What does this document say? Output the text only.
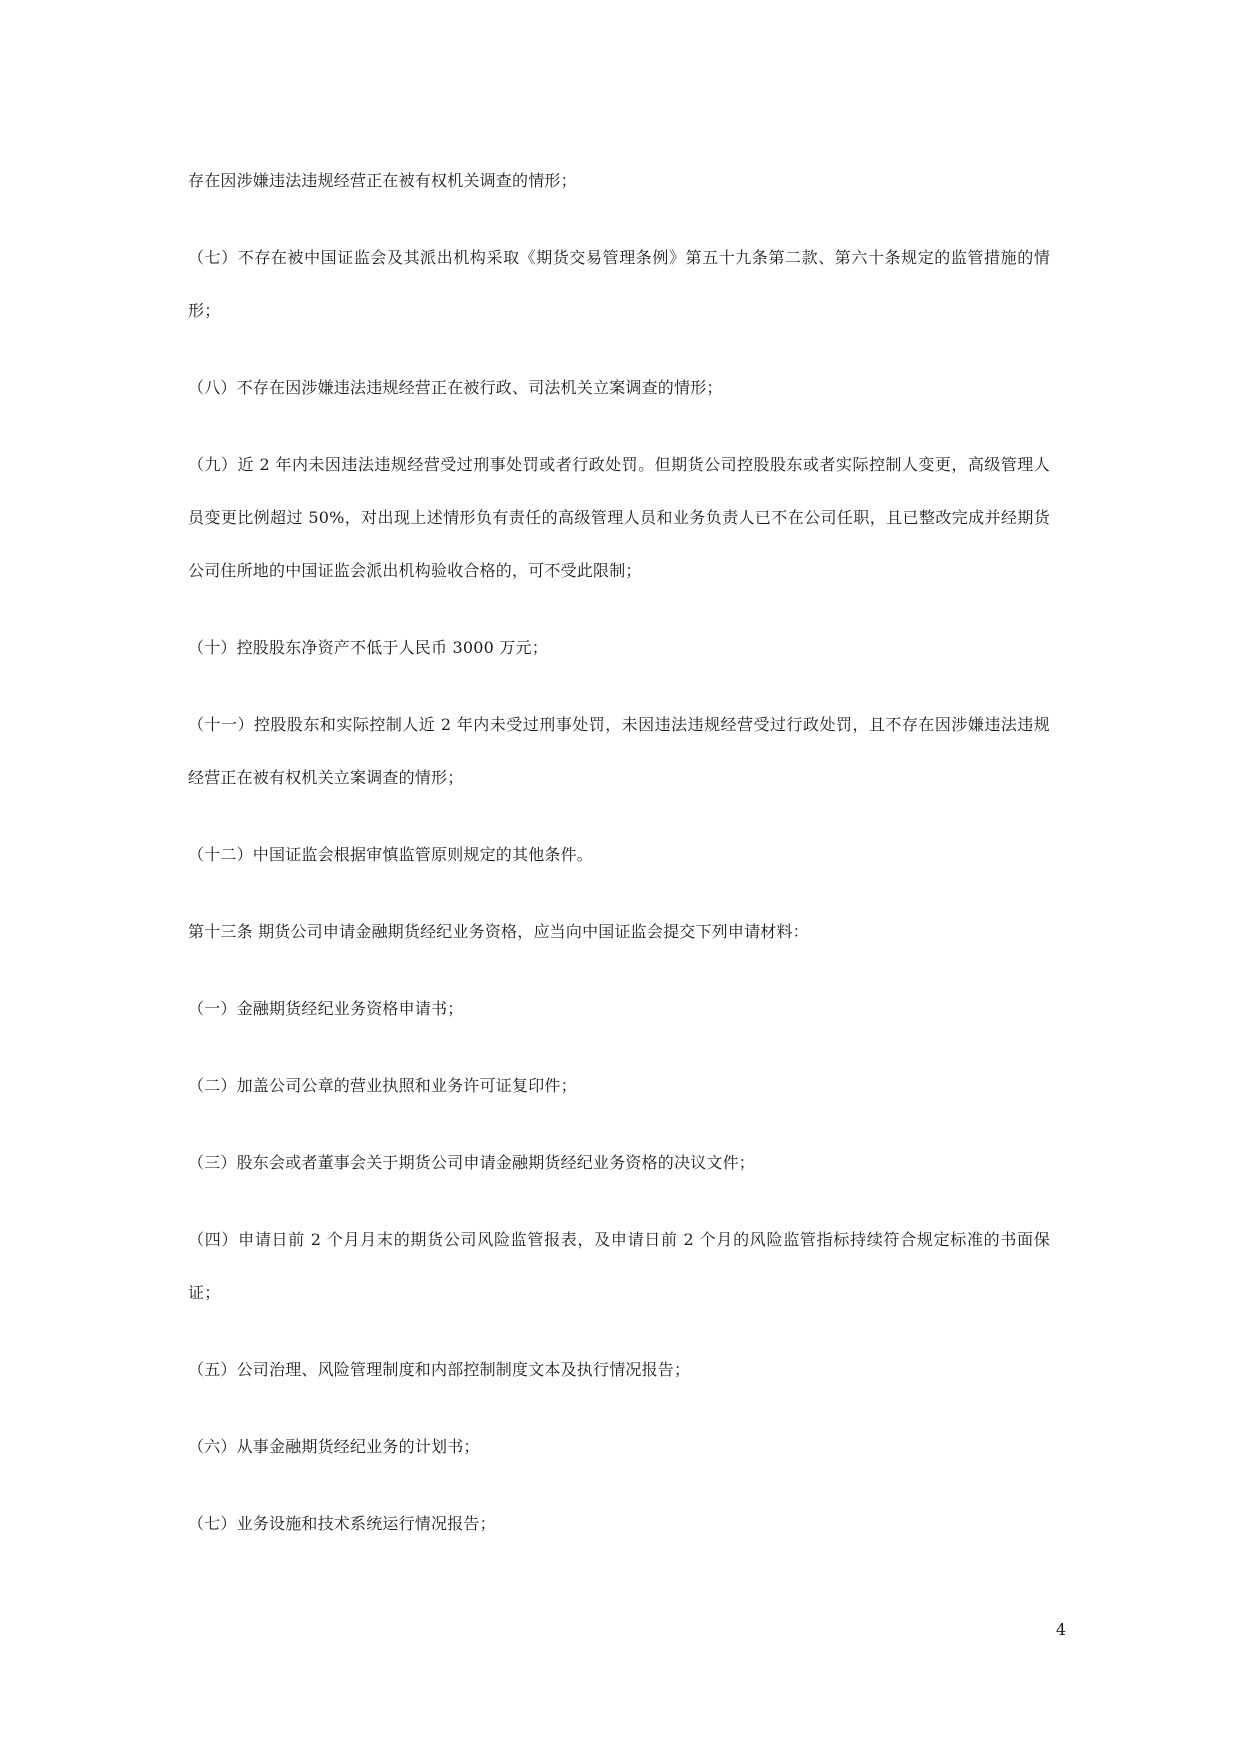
存在因涉嫌违法违规经营正在被有权机关调查的情形；

（七）不存在被中国证监会及其派出机构采取《期货交易管理条例》第五十九条第二款、第六十条规定的监管措施的情形；

（八）不存在因涉嫌违法违规经营正在被行政、司法机关立案调查的情形；

（九）近 2 年内未因违法违规经营受过刑事处罚或者行政处罚。但期货公司控股股东或者实际控制人变更，高级管理人员变更比例超过 50%，对出现上述情形负有责任的高级管理人员和业务负责人已不在公司任职，且已整改完成并经期货公司住所地的中国证监会派出机构验收合格的，可不受此限制；

（十）控股股东净资产不低于人民币 3000 万元；

（十一）控股股东和实际控制人近 2 年内未受过刑事处罚，未因违法违规经营受过行政处罚，且不存在因涉嫌违法违规经营正在被有权机关立案调查的情形；

（十二）中国证监会根据审慎监管原则规定的其他条件。

第十三条 期货公司申请金融期货经纪业务资格，应当向中国证监会提交下列申请材料：

（一）金融期货经纪业务资格申请书；

（二）加盖公司公章的营业执照和业务许可证复印件；

（三）股东会或者董事会关于期货公司申请金融期货经纪业务资格的决议文件；

（四）申请日前 2 个月月末的期货公司风险监管报表，及申请日前 2 个月的风险监管指标持续符合规定标准的书面保证；

（五）公司治理、风险管理制度和内部控制制度文本及执行情况报告；

（六）从事金融期货经纪业务的计划书；

（七）业务设施和技术系统运行情况报告；

4
